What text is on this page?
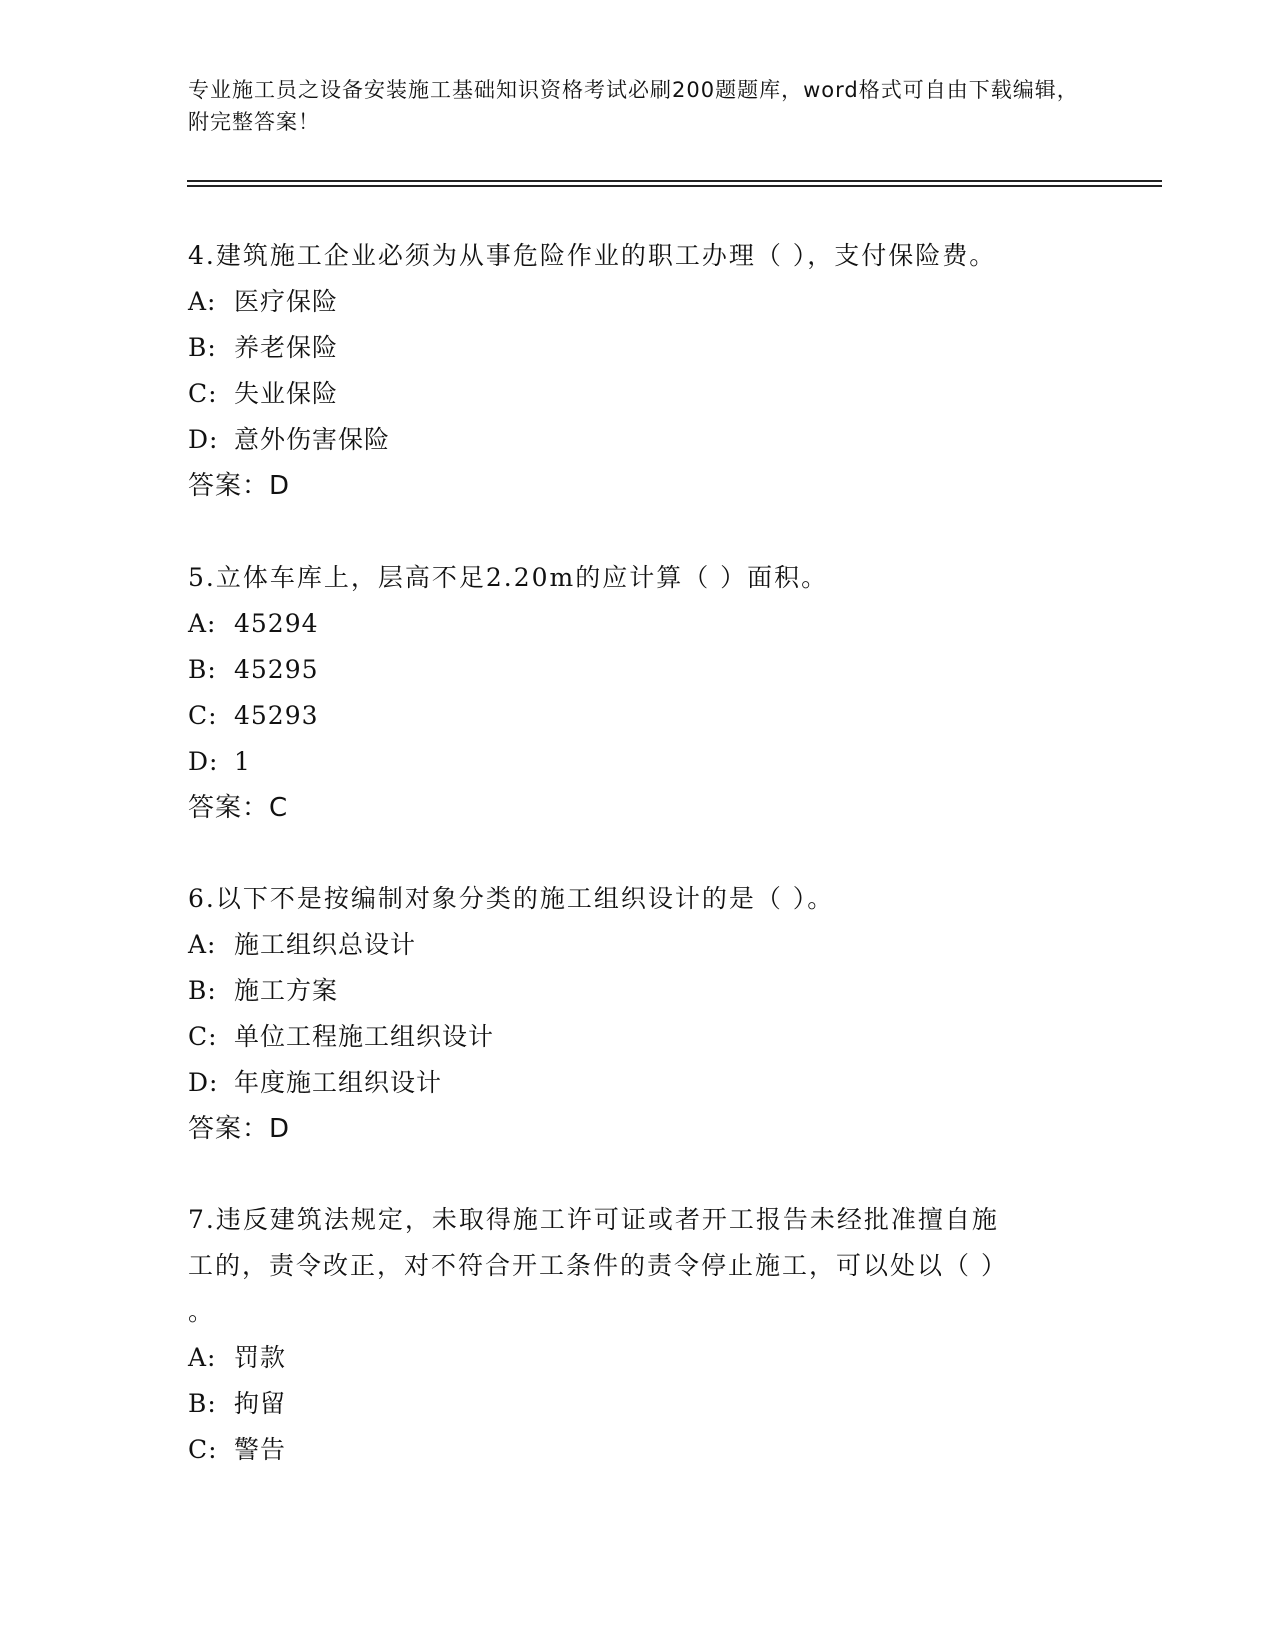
专业施工员之设备安装施工基础知识资格考试必刷200题题库，word格式可自由下载编辑，附完整答案！
4.建筑施工企业必须为从事危险作业的职工办理（ ），支付保险费。
A: 医疗保险
B: 养老保险
C: 失业保险
D: 意外伤害保险
答案：D
5.立体车库上，层高不足2.20m的应计算（ ）面积。
A: 45294
B: 45295
C: 45293
D: 1
答案：C
6.以下不是按编制对象分类的施工组织设计的是（ ）。
A: 施工组织总设计
B: 施工方案
C: 单位工程施工组织设计
D: 年度施工组织设计
答案：D
7.违反建筑法规定，未取得施工许可证或者开工报告未经批准擅自施
工的，责令改正，对不符合开工条件的责令停止施工，可以处以（ ）
。
A: 罚款
B: 拘留
C: 警告
